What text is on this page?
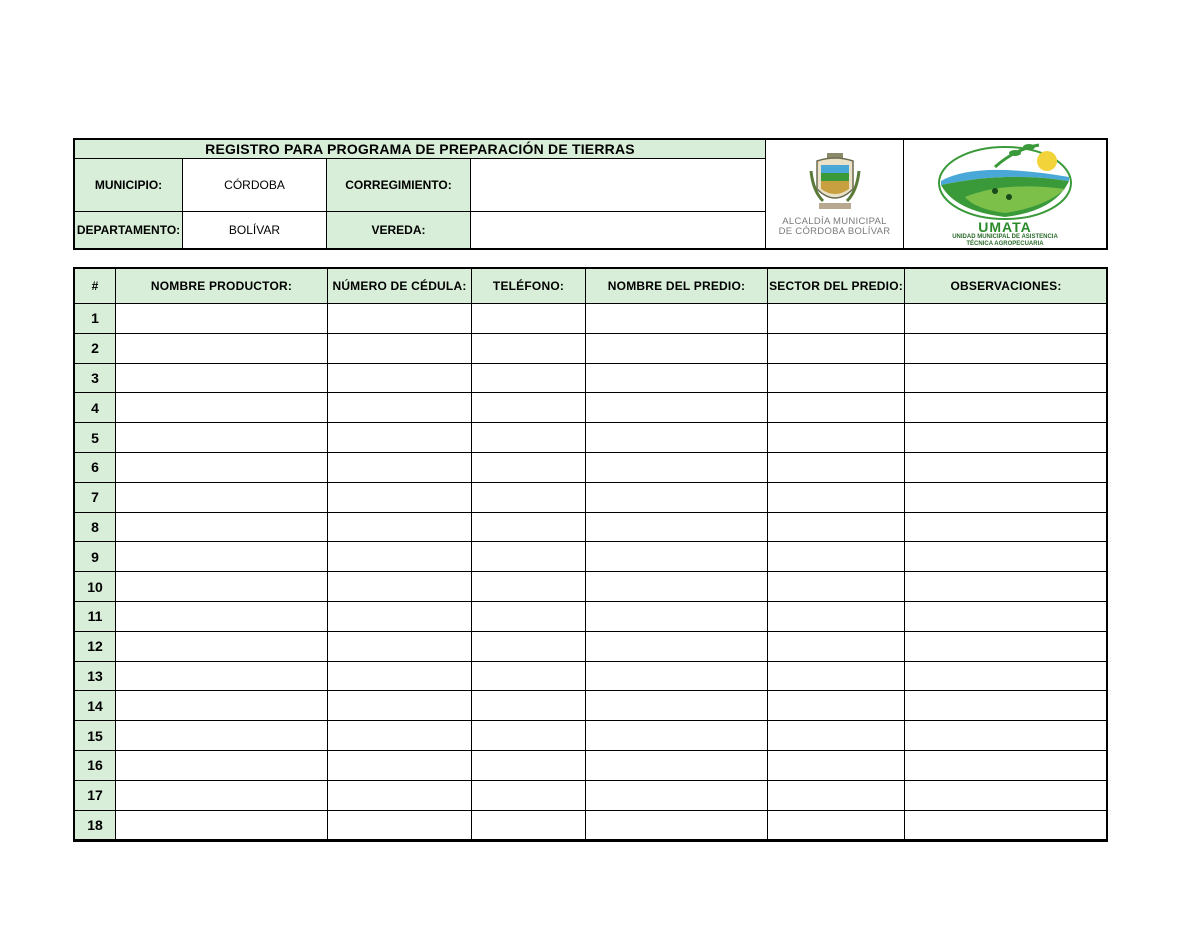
REGISTRO PARA PROGRAMA DE PREPARACIÓN DE TIERRAS
MUNICIPIO:	CÓRDOBA	CORREGIMIENTO:
DEPARTAMENTO:	BOLÍVAR	VEREDA:
ALCALDÍA MUNICIPAL
DE CÓRDOBA BOLÍVAR	UMATA
UNIDAD MUNICIPAL DE ASISTENCIA
TÉCNICA AGROPECUARIA
#	NOMBRE PRODUCTOR:	NÚMERO DE CÉDULA:	TELÉFONO:	NOMBRE DEL PREDIO:	SECTOR DEL PREDIO:	OBSERVACIONES:
1						
2						
3						
4						
5						
6						
7						
8						
9						
10						
11						
12						
13						
14						
15						
16						
17						
18						
